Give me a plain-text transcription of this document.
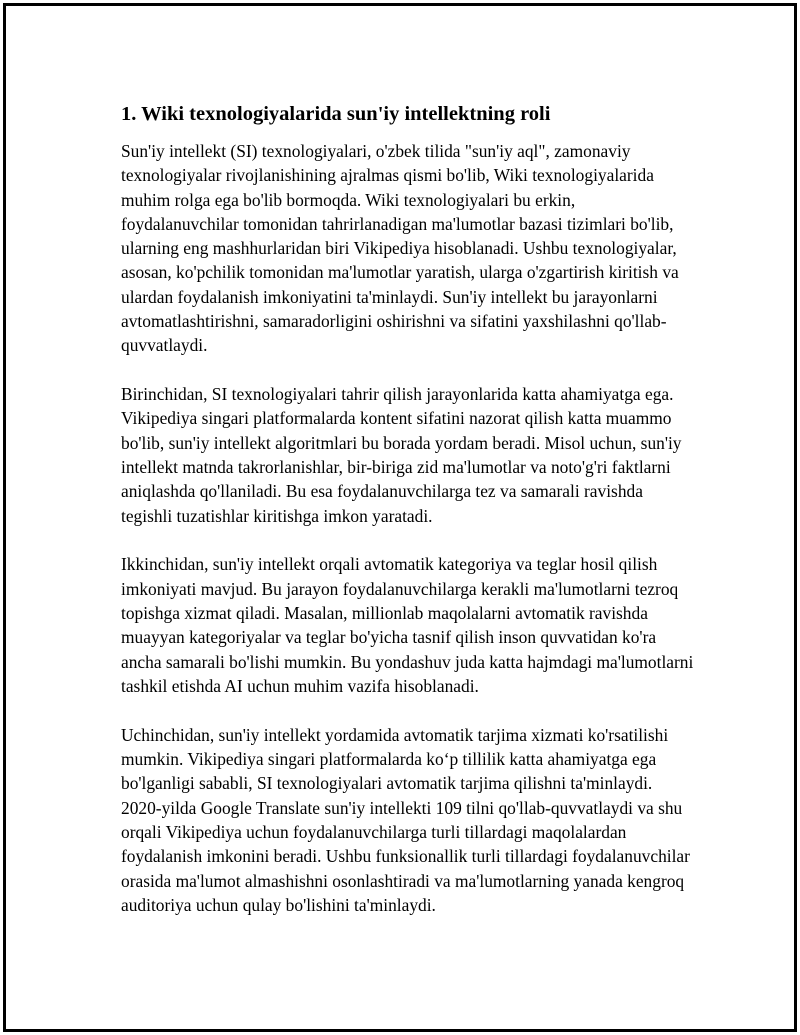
1. Wiki texnologiyalarida sun'iy intellektning roli

Sun'iy intellekt (SI) texnologiyalari, o'zbek tilida "sun'iy aql", zamonaviy texnologiyalar rivojlanishining ajralmas qismi bo'lib, Wiki texnologiyalarida muhim rolga ega bo'lib bormoqda. Wiki texnologiyalari bu erkin, foydalanuvchilar tomonidan tahrirlanadigan ma'lumotlar bazasi tizimlari bo'lib, ularning eng mashhurlaridan biri Vikipediya hisoblanadi. Ushbu texnologiyalar, asosan, ko'pchilik tomonidan ma'lumotlar yaratish, ularga o'zgartirish kiritish va ulardan foydalanish imkoniyatini ta'minlaydi. Sun'iy intellekt bu jarayonlarni avtomatlashtirishni, samaradorligini oshirishni va sifatini yaxshilashni qo'llab-quvvatlaydi.

Birinchidan, SI texnologiyalari tahrir qilish jarayonlarida katta ahamiyatga ega. Vikipediya singari platformalarda kontent sifatini nazorat qilish katta muammo bo'lib, sun'iy intellekt algoritmlari bu borada yordam beradi. Misol uchun, sun'iy intellekt matnda takrorlanishlar, bir-biriga zid ma'lumotlar va noto'g'ri faktlarni aniqlashda qo'llaniladi. Bu esa foydalanuvchilarga tez va samarali ravishda tegishli tuzatishlar kiritishga imkon yaratadi.

Ikkinchidan, sun'iy intellekt orqali avtomatik kategoriya va teglar hosil qilish imkoniyati mavjud. Bu jarayon foydalanuvchilarga kerakli ma'lumotlarni tezroq topishga xizmat qiladi. Masalan, millionlab maqolalarni avtomatik ravishda muayyan kategoriyalar va teglar bo'yicha tasnif qilish inson quvvatidan ko'ra ancha samarali bo'lishi mumkin. Bu yondashuv juda katta hajmdagi ma'lumotlarni tashkil etishda AI uchun muhim vazifa hisoblanadi.

Uchinchidan, sun'iy intellekt yordamida avtomatik tarjima xizmati ko'rsatilishi mumkin. Vikipediya singari platformalarda ko‘p tillilik katta ahamiyatga ega bo'lganligi sababli, SI texnologiyalari avtomatik tarjima qilishni ta'minlaydi. 2020-yilda Google Translate sun'iy intellekti 109 tilni qo'llab-quvvatlaydi va shu orqali Vikipediya uchun foydalanuvchilarga turli tillardagi maqolalardan foydalanish imkonini beradi. Ushbu funksionallik turli tillardagi foydalanuvchilar orasida ma'lumot almashishni osonlashtiradi va ma'lumotlarning yanada kengroq auditoriya uchun qulay bo'lishini ta'minlaydi.
